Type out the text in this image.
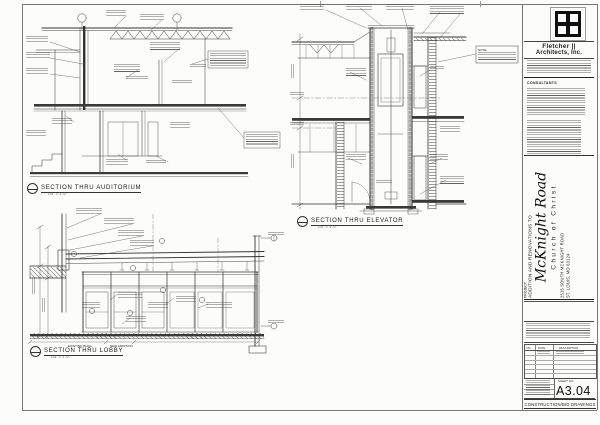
SECTION THRU AUDITORIUM
1/4" = 1'-0"
NOTE:
SECTION THRU ELEVATOR
1/4" = 1'-0"
EXISTING BLDG	NEW ADDITION
SECTION THRU LOBBY
1/4" = 1'-0"
Fletcher ||
Architects, Inc.
CONSULTANTS
PROJECT: ADDITION AND RENOVATIONS TO McKnight Road Church of Christ 2515 SOUTH MCKNIGHT ROAD ST. LOUIS, MO 63124
NO. DATE	DESCRIPTION
SHEET NO.
A3.04
CONSTRUCTION/BID DRAWINGS
